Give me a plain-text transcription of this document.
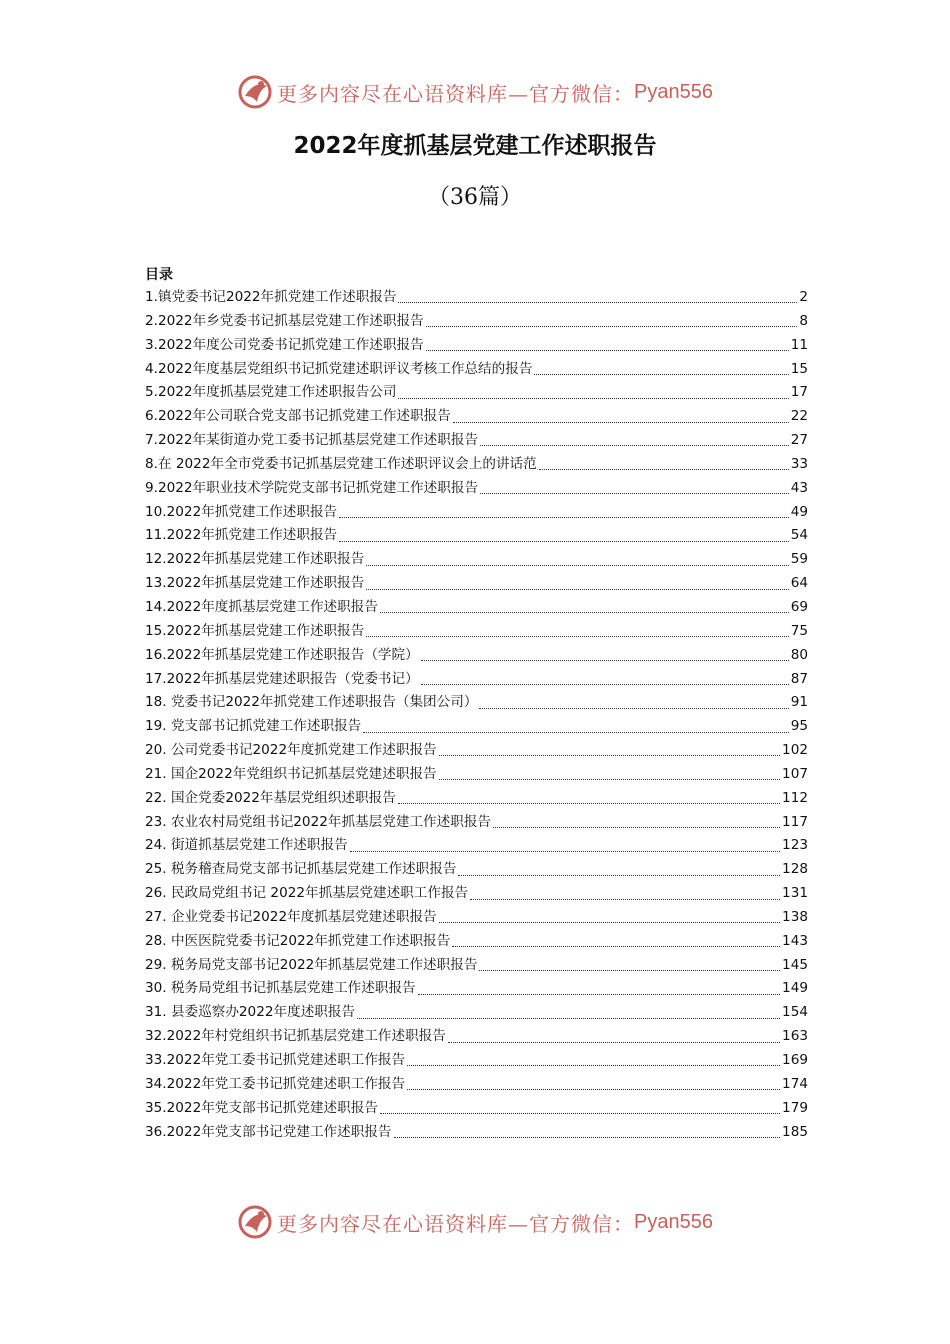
更多内容尽在心语资料库—官方微信： Pyan556
2022年度抓基层党建工作述职报告
（36篇）
目录
1.镇党委书记2022年抓党建工作述职报告	2
2.2022年乡党委书记抓基层党建工作述职报告	8
3.2022年度公司党委书记抓党建工作述职报告	11
4.2022年度基层党组织书记抓党建述职评议考核工作总结的报告	15
5.2022年度抓基层党建工作述职报告公司	17
6.2022年公司联合党支部书记抓党建工作述职报告	22
7.2022年某街道办党工委书记抓基层党建工作述职报告	27
8.在 2022年全市党委书记抓基层党建工作述职评议会上的讲话范	33
9.2022年职业技术学院党支部书记抓党建工作述职报告	43
10.2022年抓党建工作述职报告	49
11.2022年抓党建工作述职报告	54
12.2022年抓基层党建工作述职报告	59
13.2022年抓基层党建工作述职报告	64
14.2022年度抓基层党建工作述职报告	69
15.2022年抓基层党建工作述职报告	75
16.2022年抓基层党建工作述职报告（学院）	80
17.2022年抓基层党建述职报告（党委书记）	87
18. 党委书记2022年抓党建工作述职报告（集团公司）	91
19. 党支部书记抓党建工作述职报告	95
20. 公司党委书记2022年度抓党建工作述职报告	102
21. 国企2022年党组织书记抓基层党建述职报告	107
22. 国企党委2022年基层党组织述职报告	112
23. 农业农村局党组书记2022年抓基层党建工作述职报告	117
24. 街道抓基层党建工作述职报告	123
25. 税务稽查局党支部书记抓基层党建工作述职报告	128
26. 民政局党组书记 2022年抓基层党建述职工作报告	131
27. 企业党委书记2022年度抓基层党建述职报告	138
28. 中医医院党委书记2022年抓党建工作述职报告	143
29. 税务局党支部书记2022年抓基层党建工作述职报告	145
30. 税务局党组书记抓基层党建工作述职报告	149
31. 县委巡察办2022年度述职报告	154
32.2022年村党组织书记抓基层党建工作述职报告	163
33.2022年党工委书记抓党建述职工作报告	169
34.2022年党工委书记抓党建述职工作报告	174
35.2022年党支部书记抓党建述职报告	179
36.2022年党支部书记党建工作述职报告	185
更多内容尽在心语资料库—官方微信： Pyan556
